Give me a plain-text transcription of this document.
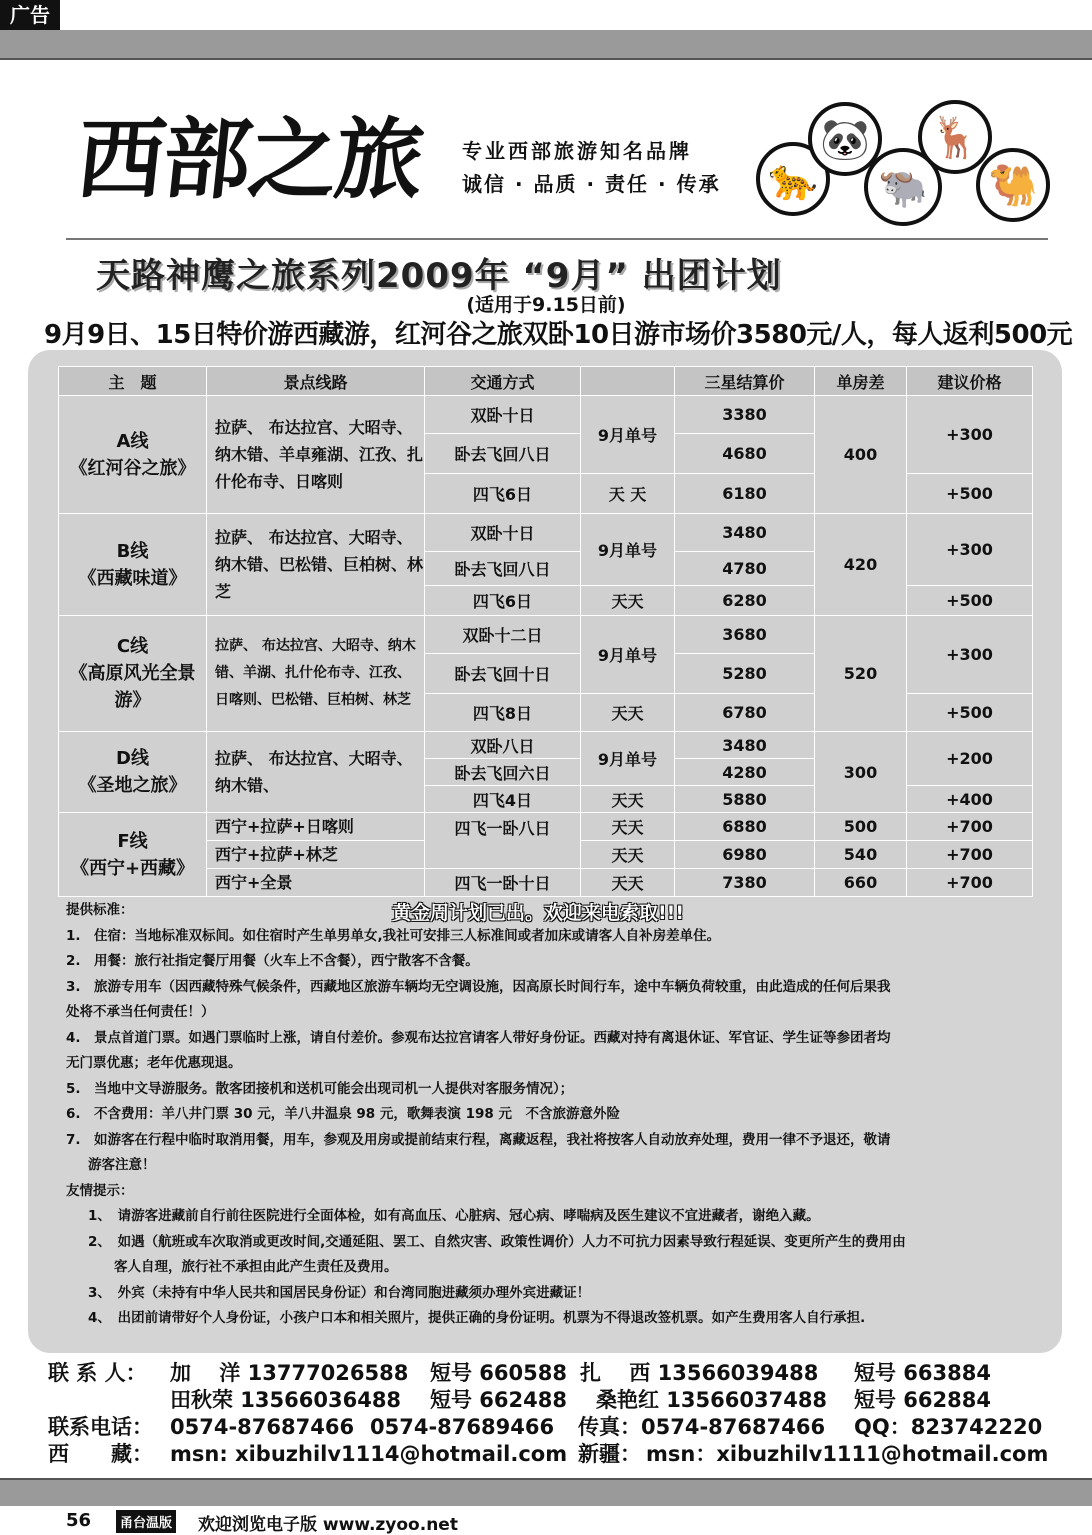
广告
西部之旅 专业西部旅游知名品牌
诚信 · 品质 · 责任 · 传承	🐆
🐼
🐃
🦌
🐫
天路神鹰之旅系列2009年 “9月” 出团计划
(适用于9.15日前)
9月9日、15日特价游西藏游，红河谷之旅双卧10日游市场价3580元/人，每人返利500元
主　题	景点线路	交通方式		三星结算价	单房差	建议价格

A线
《红河谷之旅》	拉萨、 布达拉宫、大昭寺、纳木错、羊卓雍湖、江孜、扎什伦布寺、日喀则	双卧十日	9月单号	3380	400	+300
		卧去飞回八日		4680		
		四飞6日	天 天	6180		+500

B线
《西藏味道》	拉萨、 布达拉宫、大昭寺、纳木错、巴松错、巨柏树、林芝	双卧十日	9月单号	3480	420	+300
		卧去飞回八日		4780		
		四飞6日	天天	6280		+500

C线
《高原风光全景游》	拉萨、 布达拉宫、大昭寺、纳木错、羊湖、扎什伦布寺、江孜、日喀则、巴松错、巨柏树、林芝	双卧十二日	9月单号	3680	520	+300
		卧去飞回十日		5280		
		四飞8日	天天	6780		+500

D线
《圣地之旅》	拉萨、 布达拉宫、大昭寺、纳木错、	双卧八日	9月单号	3480	300	+200
		卧去飞回六日		4280		
		四飞4日	天天	5880		+400

F线
《西宁+西藏》	西宁+拉萨+日喀则	四飞一卧八日	天天	6880	500	+700
	西宁+拉萨+林芝		天天	6980	540	+700
	西宁+全景	四飞一卧十日	天天	7380	660	+700
黄金周计划已出。欢迎来电索取!!!
提供标准：
1.　住宿：当地标准双标间。如住宿时产生单男单女,我社可安排三人标准间或者加床或请客人自补房差单住。
2.　用餐：旅行社指定餐厅用餐（火车上不含餐），西宁散客不含餐。
3.　旅游专用车（因西藏特殊气候条件，西藏地区旅游车辆均无空调设施，因高原长时间行车，途中车辆负荷较重，由此造成的任何后果我
处将不承当任何责任！）
4.　景点首道门票。如遇门票临时上涨，请自付差价。参观布达拉宫请客人带好身份证。西藏对持有离退休证、军官证、学生证等参团者均
无门票优惠；老年优惠现退。
5.　当地中文导游服务。散客团接机和送机可能会出现司机一人提供对客服务情况）；
6.　不含费用：羊八井门票 30 元，羊八井温泉 98 元，歌舞表演 198 元　不含旅游意外险
7.　如游客在行程中临时取消用餐，用车，参观及用房或提前结束行程，离藏返程，我社将按客人自动放弃处理，费用一律不予退还，敬请
游客注意！
友情提示：
1、　请游客进藏前自行前往医院进行全面体检，如有高血压、心脏病、冠心病、哮喘病及医生建议不宜进藏者，谢绝入藏。
2、　如遇（航班或车次取消或更改时间,交通延阻、罢工、自然灾害、政策性调价）人力不可抗力因素导致行程延误、变更所产生的费用由
客人自理，旅行社不承担由此产生责任及费用。
3、　外宾（未持有中华人民共和国居民身份证）和台湾同胞进藏须办理外宾进藏证！
4、　出团前请带好个人身份证，小孩户口本和相关照片，提供正确的身份证明。机票为不得退改签机票。如产生费用客人自行承担.
联 系 人： 加　 洋 13777026588 短号 660588 扎　 西 13566039488 短号 663884
田秋荣 13566036488 短号 662488 桑艳红 13566037488 短号 662884
联系电话： 0574-87687466 0574-87689466 传真：0574-87687466 QQ：823742220
西　　藏： msn: xibuzhilv1114@hotmail.com 新疆： msn：xibuzhilv1111@hotmail.com
56	甬台温版 欢迎浏览电子版 www.zyoo.net
